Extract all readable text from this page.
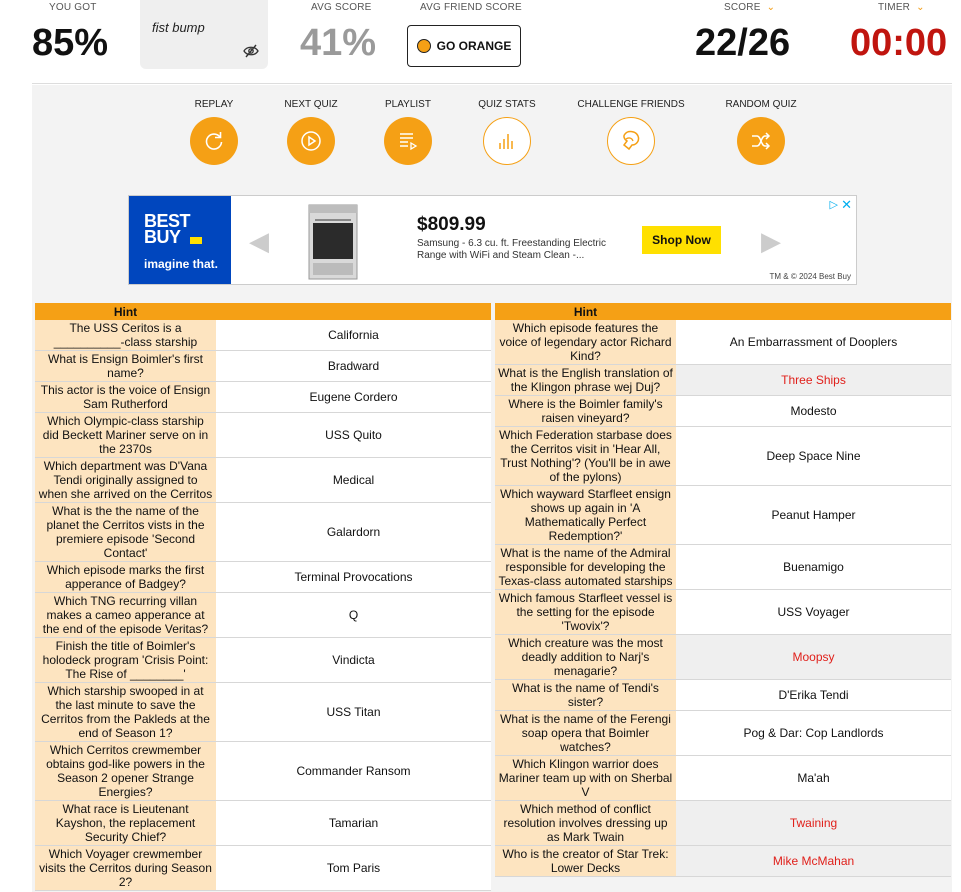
YOU GOT
85%	fist bump
AVG SCORE
41%
AVG FRIEND SCORE
GO ORANGE
SCORE ⌄
22/26
TIMER ⌄
00:00
REPLAY	NEXT QUIZ	PLAYLIST	QUIZ STATS	CHALLENGE FRIENDS	RANDOM QUIZ
BEST
BUY
imagine that.
◀
$809.99
Samsung - 6.3 cu. ft. Freestanding Electric Range with WiFi and Steam Clean -...
Shop Now	▶
▷ ✕
TM & © 2024 Best Buy
Hint	
The USS Ceritos is a __________-class starship	California
What is Ensign Boimler's first name?	Bradward
This actor is the voice of Ensign Sam Rutherford	Eugene Cordero
Which Olympic-class starship did Beckett Mariner serve on in the 2370s	USS Quito
Which department was D'Vana Tendi originally assigned to when she arrived on the Cerritos	Medical
What is the the name of the planet the Cerritos vists in the premiere episode 'Second Contact'	Galardorn
Which episode marks the first apperance of Badgey?	Terminal Provocations
Which TNG recurring villan makes a cameo apperance at the end of the episode Veritas?	Q
Finish the title of Boimler's holodeck program 'Crisis Point: The Rise of ________'	Vindicta
Which starship swooped in at the last minute to save the Cerritos from the Pakleds at the end of Season 1?	USS Titan
Which Cerritos crewmember obtains god-like powers in the Season 2 opener Strange Energies?	Commander Ransom
What race is Lieutenant Kayshon, the replacement Security Chief?	Tamarian
Which Voyager crewmember visits the Cerritos during Season 2?	Tom Paris
Hint	
Which episode features the voice of legendary actor Richard Kind?	An Embarrassment of Dooplers
What is the English translation of the Klingon phrase wej Duj?	Three Ships
Where is the Boimler family's raisen vineyard?	Modesto
Which Federation starbase does the Cerritos visit in 'Hear All, Trust Nothing'? (You'll be in awe of the pylons)	Deep Space Nine
Which wayward Starfleet ensign shows up again in 'A Mathematically Perfect Redemption?'	Peanut Hamper
What is the name of the Admiral responsible for developing the Texas-class automated starships	Buenamigo
Which famous Starfleet vessel is the setting for the episode 'Twovix'?	USS Voyager
Which creature was the most deadly addition to Narj's menagarie?	Moopsy
What is the name of Tendi's sister?	D'Erika Tendi
What is the name of the Ferengi soap opera that Boimler watches?	Pog & Dar: Cop Landlords
Which Klingon warrior does Mariner team up with on Sherbal V	Ma'ah
Which method of conflict resolution involves dressing up as Mark Twain	Twaining
Who is the creator of Star Trek: Lower Decks	Mike McMahan
